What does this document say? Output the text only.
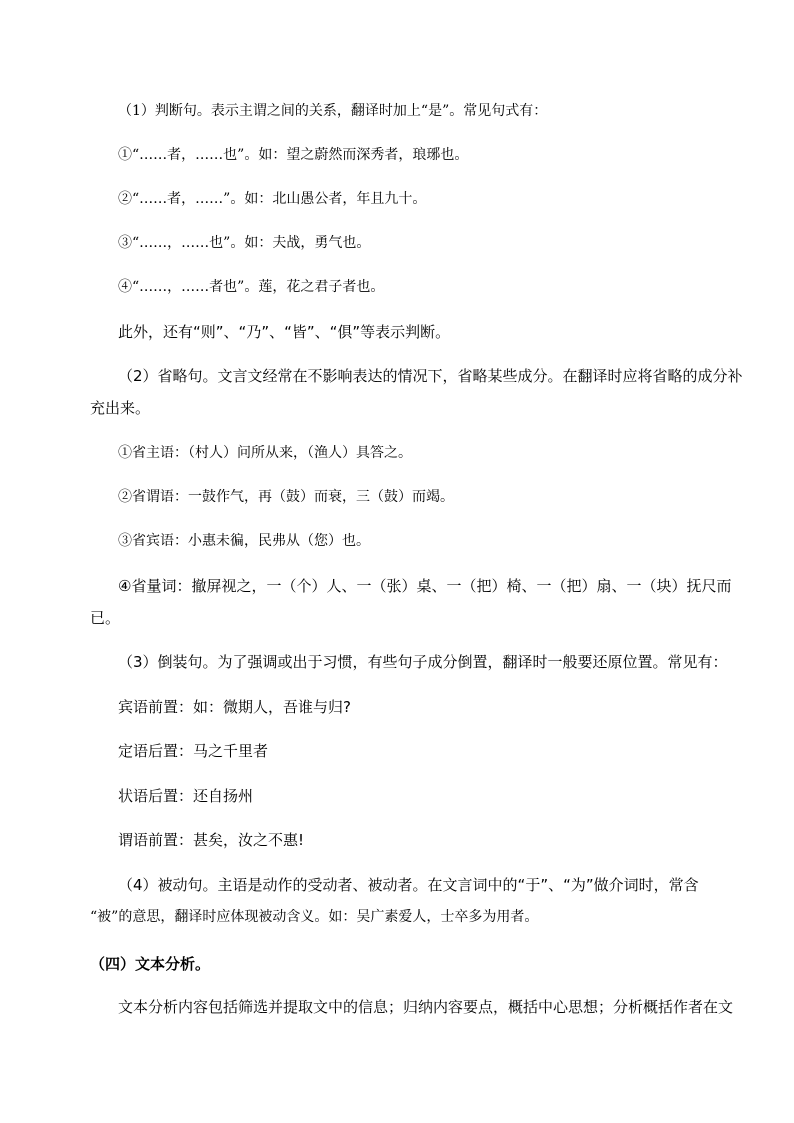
（1）判断句。表示主谓之间的关系，翻译时加上“是”。常见句式有：
①“……者，……也”。如：望之蔚然而深秀者，琅琊也。
②“……者，……”。如：北山愚公者，年且九十。
③“……，……也”。如：夫战，勇气也。
④“……，……者也”。莲，花之君子者也。
此外，还有“则”、“乃”、“皆”、“俱”等表示判断。
（2）省略句。文言文经常在不影响表达的情况下，省略某些成分。在翻译时应将省略的成分补
充出来。
①省主语：（村人）问所从来，（渔人）具答之。
②省谓语：一鼓作气，再（鼓）而衰，三（鼓）而竭。
③省宾语：小惠未徧，民弗从（您）也。
④省量词：撤屏视之，一（个）人、一（张）桌、一（把）椅、一（把）扇、一（块）抚尺而
已。
（3）倒装句。为了强调或出于习惯，有些句子成分倒置，翻译时一般要还原位置。常见有：
宾语前置：如：微期人，吾谁与归?
定语后置：马之千里者
状语后置：还自扬州
谓语前置：甚矣，汝之不惠!
（4）被动句。主语是动作的受动者、被动者。在文言词中的“于”、“为”做介词时，常含
“被”的意思，翻译时应体现被动含义。如：吴广素爱人，士卒多为用者。
（四）文本分析。
文本分析内容包括筛选并提取文中的信息；归纳内容要点，概括中心思想；分析概括作者在文
